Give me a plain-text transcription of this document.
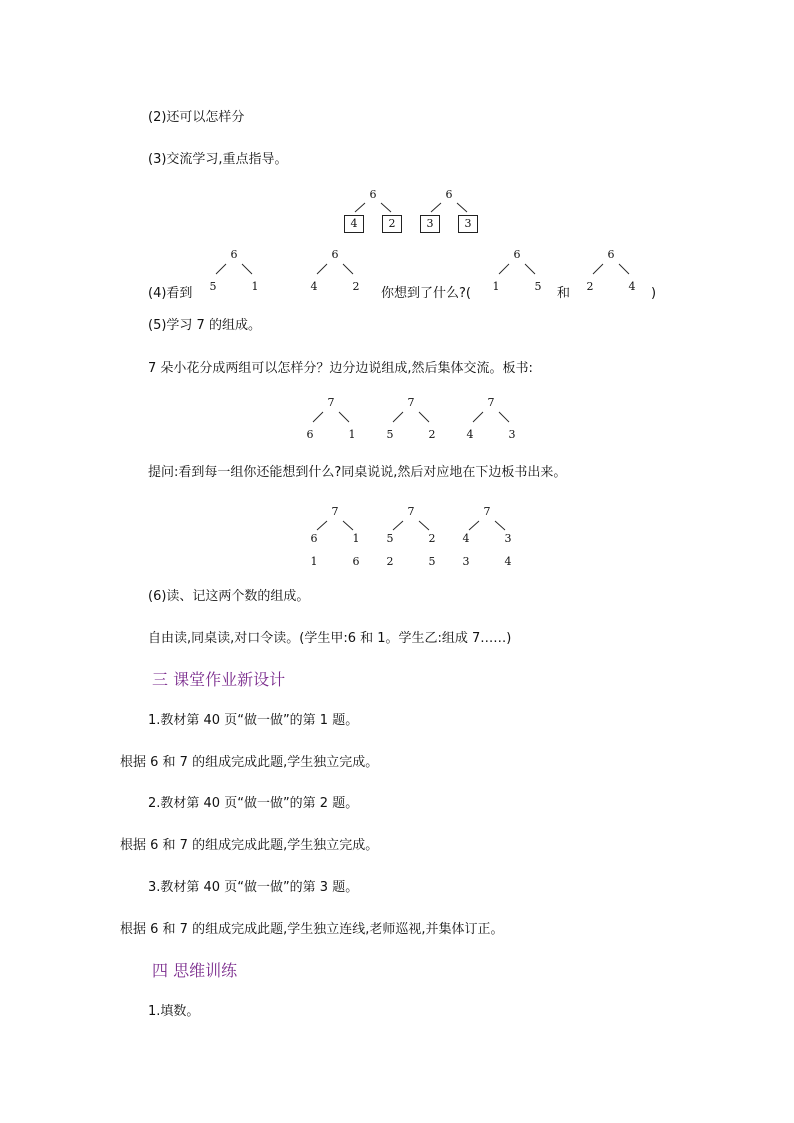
(2)还可以怎样分
(3)交流学习,重点指导。
6
4	2
6
3	3
(4)看到
6
5	1
6
4	2 你想到了什么?(
6
1	5 和
6
2	4 )
(5)学习 7 的组成。
7 朵小花分成两组可以怎样分？边分边说组成,然后集体交流。板书:
7
6	1
7
5	2
7
4	3
提问:看到每一组你还能想到什么?同桌说说,然后对应地在下边板书出来。
7
6	1
1	6
7
5	2
2	5
7
4	3
3	4
(6)读、记这两个数的组成。
自由读,同桌读,对口令读。(学生甲:6 和 1。学生乙:组成 7……)
三 课堂作业新设计
1.教材第 40 页“做一做”的第 1 题。
根据 6 和 7 的组成完成此题,学生独立完成。
2.教材第 40 页“做一做”的第 2 题。
根据 6 和 7 的组成完成此题,学生独立完成。
3.教材第 40 页“做一做”的第 3 题。
根据 6 和 7 的组成完成此题,学生独立连线,老师巡视,并集体订正。
四 思维训练
1.填数。
